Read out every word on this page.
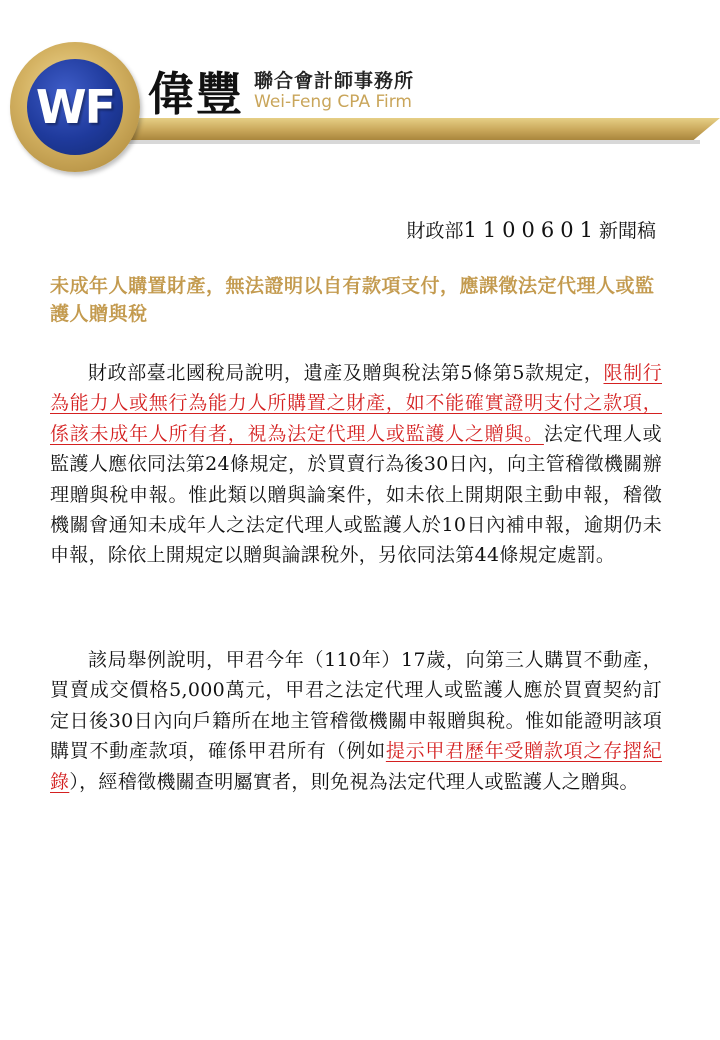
WF 偉豐 聯合會計師事務所
Wei-Feng CPA Firm
財政部1100601新聞稿
未成年人購置財產，無法證明以自有款項支付，應課徵法定代理人或監護人贈與稅

財政部臺北國稅局說明，遺產及贈與稅法第5條第5款規定，限制行為能力人或無行為能力人所購置之財產，如不能確實證明支付之款項，係該未成年人所有者，視為法定代理人或監護人之贈與。法定代理人或監護人應依同法第24條規定，於買賣行為後30日內，向主管稽徵機關辦理贈與稅申報。惟此類以贈與論案件，如未依上開期限主動申報，稽徵機關會通知未成年人之法定代理人或監護人於10日內補申報，逾期仍未申報，除依上開規定以贈與論課稅外，另依同法第44條規定處罰。

該局舉例說明，甲君今年（110年）17歲，向第三人購買不動產，買賣成交價格5,000萬元，甲君之法定代理人或監護人應於買賣契約訂定日後30日內向戶籍所在地主管稽徵機關申報贈與稅。惟如能證明該項購買不動產款項，確係甲君所有（例如提示甲君歷年受贈款項之存摺紀錄），經稽徵機關查明屬實者，則免視為法定代理人或監護人之贈與。
